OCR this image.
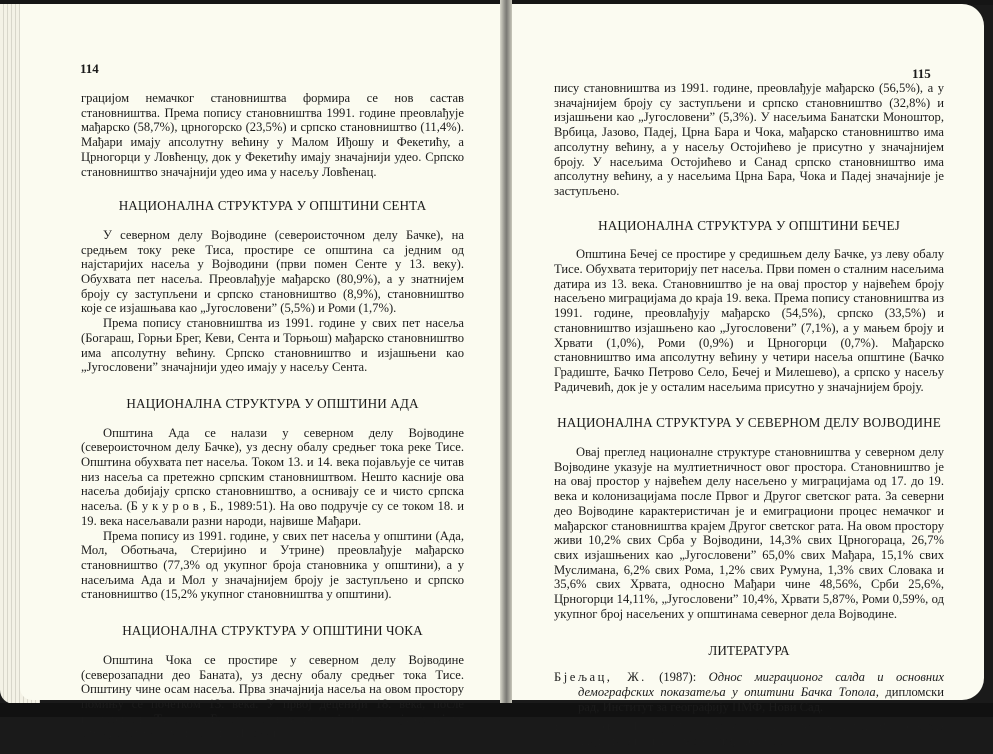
114	115
грацијом немачког становништва формира се нов састав становништва. Према попису становништва 1991. године преовлађује мађарско (58,7%), црногорско (23,5%) и српско становништво (11,4%). Мађари имају апсолутну већину у Малом Иђошу и Фекетићу, а Црногорци у Ловћенцу, док у Фекетићу имају значајнији удео. Српско становништво значајнији удео има у насељу Ловћенац.
НАЦИОНАЛНА СТРУКТУРА У ОПШТИНИ СЕНТА
У северном делу Војводине (североисточном делу Бачке), на средњем току реке Тиса, простире се општина са једним од најстаријих насеља у Војводини (први помен Сенте у 13. веку). Обухвата пет насеља. Преовлађује мађарско (80,9%), а у знатнијем броју су заступљени и српско становништво (8,9%), становништво које се изјашњава као „Југословени” (5,5%) и Роми (1,7%).
Према попису становништва из 1991. године у свих пет насеља (Богараш, Горњи Брег, Кеви, Сента и Торњош) мађарско становништво има апсолутну већину. Српско становништво и изјашњени као „Југословени” значајнији удео имају у насељу Сента.
НАЦИОНАЛНА СТРУКТУРА У ОПШТИНИ АДА
Општина Ада се налази у северном делу Војводине (североисточном делу Бачке), уз десну обалу средњег тока реке Тисе. Општина обухвата пет насеља. Током 13. и 14. века појављује се читав низ насеља са претежно српским становништвом. Нешто касније ова насеља добијају српско становништво, а оснивају се и чисто српска насеља. (Б у к у р о в , Б., 1989:51). На ово подручје су се током 18. и 19. века насељавали разни народи, највише Мађари.
Према попису из 1991. године, у свих пет насеља у општини (Ада, Мол, Оботњача, Стеријино и Утрине) преовлађује мађарско становништво (77,3% од укупног броја становника у општини), а у насељима Ада и Мол у значајнијем броју је заступљено и српско становништво (15,2% укупног становништва у општини).
НАЦИОНАЛНА СТРУКТУРА У ОПШТИНИ ЧОКА
Општина Чока се простире у северном делу Војводине (северозападни део Баната), уз десну обалу средњег тока Тисе. Општину чине осам насеља. Прва значајнија насеља на овом простору помињу се почетком 13. века. У првој деценији 18. века, после протеривања Турака из Баната, на овом подручју насељавају се најпре Срби, а затим други народи. Према по-
пису становништва из 1991. године, преовлађује мађарско (56,5%), а у значајнијем броју су заступљени и српско становништво (32,8%) и изјашњени као „Југословени” (5,3%). У насељима Банатски Моноштор, Врбица, Јазово, Падеј, Црна Бара и Чока, мађарско становништво има апсолутну већину, а у насељу Остојићево је присутно у значајнијем броју. У насељима Остојићево и Санад српско становништво има апсолутну већину, а у насељима Црна Бара, Чока и Падеј значајније је заступљено.
НАЦИОНАЛНА СТРУКТУРА У ОПШТИНИ БЕЧЕЈ
Општина Бечеј се простире у средишњем делу Бачке, уз леву обалу Тисе. Обухвата територију пет насеља. Први помен о сталним насељима датира из 13. века. Становништво је на овај простор у највећем броју насељено миграцијама до краја 19. века. Према попису становништва из 1991. године, преовлађују мађарско (54,5%), српско (33,5%) и становништво изјашњено као „Југословени” (7,1%), а у мањем броју и Хрвати (1,0%), Роми (0,9%) и Црногорци (0,7%). Мађарско становништво има апсолутну већину у четири насеља општине (Бачко Градиште, Бачко Петрово Село, Бечеј и Милешево), а српско у насељу Радичевић, док је у осталим насељима присутно у значајнијем броју.
НАЦИОНАЛНА СТРУКТУРА У СЕВЕРНОМ ДЕЛУ ВОЈВОДИНЕ
Овај преглед националне структуре становништва у северном делу Војводине указује на мултиетничност овог простора. Становништво је на овај простор у највећем делу насељено у миграцијама од 17. до 19. века и колонизацијама после Првог и Другог светског рата. За северни део Војводине карактеристичан је и емиграциони процес немачког и мађарског становништва крајем Другог светског рата. На овом простору живи 10,2% свих Срба у Војводини, 14,3% свих Црногораца, 26,7% свих изјашњених као „Југословени” 65,0% свих Мађара, 15,1% свих Муслимана, 6,2% свих Рома, 1,2% свих Румуна, 1,3% свих Словака и 35,6% свих Хрвата, односно Мађари чине 48,56%, Срби 25,6%, Црногорци 14,11%, „Југословени” 10,4%, Хрвати 5,87%, Роми 0,59%, од укупног број насељених у општинама северног дела Војводине.
ЛИТЕРАТУРА
Бјељац, Ж. (1987): Однос миграционог салда и основних демографских показатеља у општини Бачка Топола, дипломски рад, Институт за географију ПМФ, Нови Сад.
Букуров, Б. (1983): Суботица и њена околина, Војвођанска академија наука и уметности, Нови Сад.
